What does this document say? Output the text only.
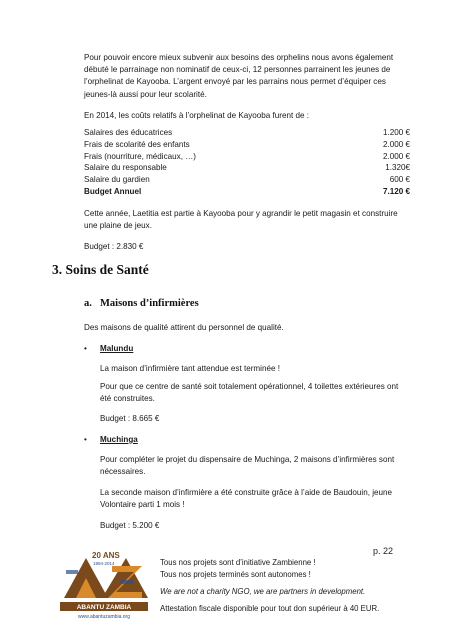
Pour pouvoir encore mieux subvenir aux besoins des orphelins nous avons également débuté le parrainage non nominatif de ceux-ci, 12 personnes parrainent les jeunes de l’orphelinat de Kayooba. L’argent envoyé par les parrains nous permet d’équiper ces jeunes-là aussi pour leur scolarité.

En 2014, les coûts relatifs à l’orphelinat de Kayooba furent de :

Salaires des éducatrices	1.200 €
Frais de scolarité des enfants	2.000 €
Frais (nourriture, médicaux, …)	2.000 €
Salaire du responsable	1.320€
Salaire du gardien	600 €
Budget Annuel	7.120 €

Cette année, Laetitia est partie à Kayooba pour y agrandir le petit magasin et construire une plaine de jeux.

Budget : 2.830 €

3. Soins de Santé
a. Maisons d’infirmières

Des maisons de qualité attirent du personnel de qualité.

• Malundu

La maison d’infirmière tant attendue est terminée !

Pour que ce centre de santé soit totalement opérationnel, 4 toilettes extérieures ont été construites.

Budget : 8.665 €

• Muchinga

Pour compléter le projet du dispensaire de Muchinga, 2 maisons d’infirmières sont nécessaires.

La seconde maison d’infirmière a été construite grâce à l’aide de Baudouin, jeune Volontaire parti 1 mois !

Budget : 5.200 €

20 ANS
1994-2014
ABANTU ZAMBIA
www.abantuzambia.org
p. 22
Tous nos projets sont d’initiative Zambienne !
Tous nos projets terminés sont autonomes !
We are not a charity NGO, we are partners in development.
Attestation fiscale disponible pour tout don supérieur à 40 EUR.
